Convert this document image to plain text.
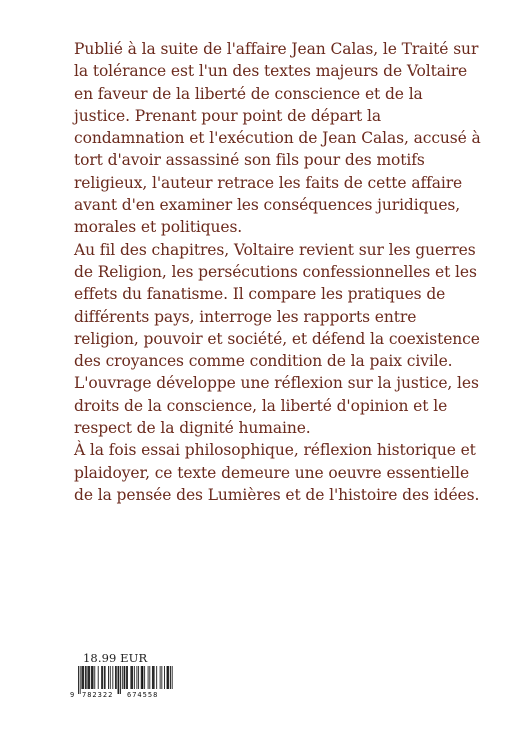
Publié à la suite de l'affaire Jean Calas, le Traité sur la tolérance est l'un des textes majeurs de Voltaire en faveur de la liberté de conscience et de la justice. Prenant pour point de départ la condamnation et l'exécution de Jean Calas, accusé à tort d'avoir assassiné son fils pour des motifs religieux, l'auteur retrace les faits de cette affaire avant d'en examiner les conséquences juridiques, morales et politiques.

Au fil des chapitres, Voltaire revient sur les guerres de Religion, les persécutions confessionnelles et les effets du fanatisme. Il compare les pratiques de différents pays, interroge les rapports entre religion, pouvoir et société, et défend la coexistence des croyances comme condition de la paix civile. L'ouvrage développe une réflexion sur la justice, les droits de la conscience, la liberté d'opinion et le respect de la dignité humaine.

À la fois essai philosophique, réflexion historique et plaidoyer, ce texte demeure une oeuvre essentielle de la pensée des Lumières et de l'histoire des idées.

18.99 EUR
9 782322 674558
